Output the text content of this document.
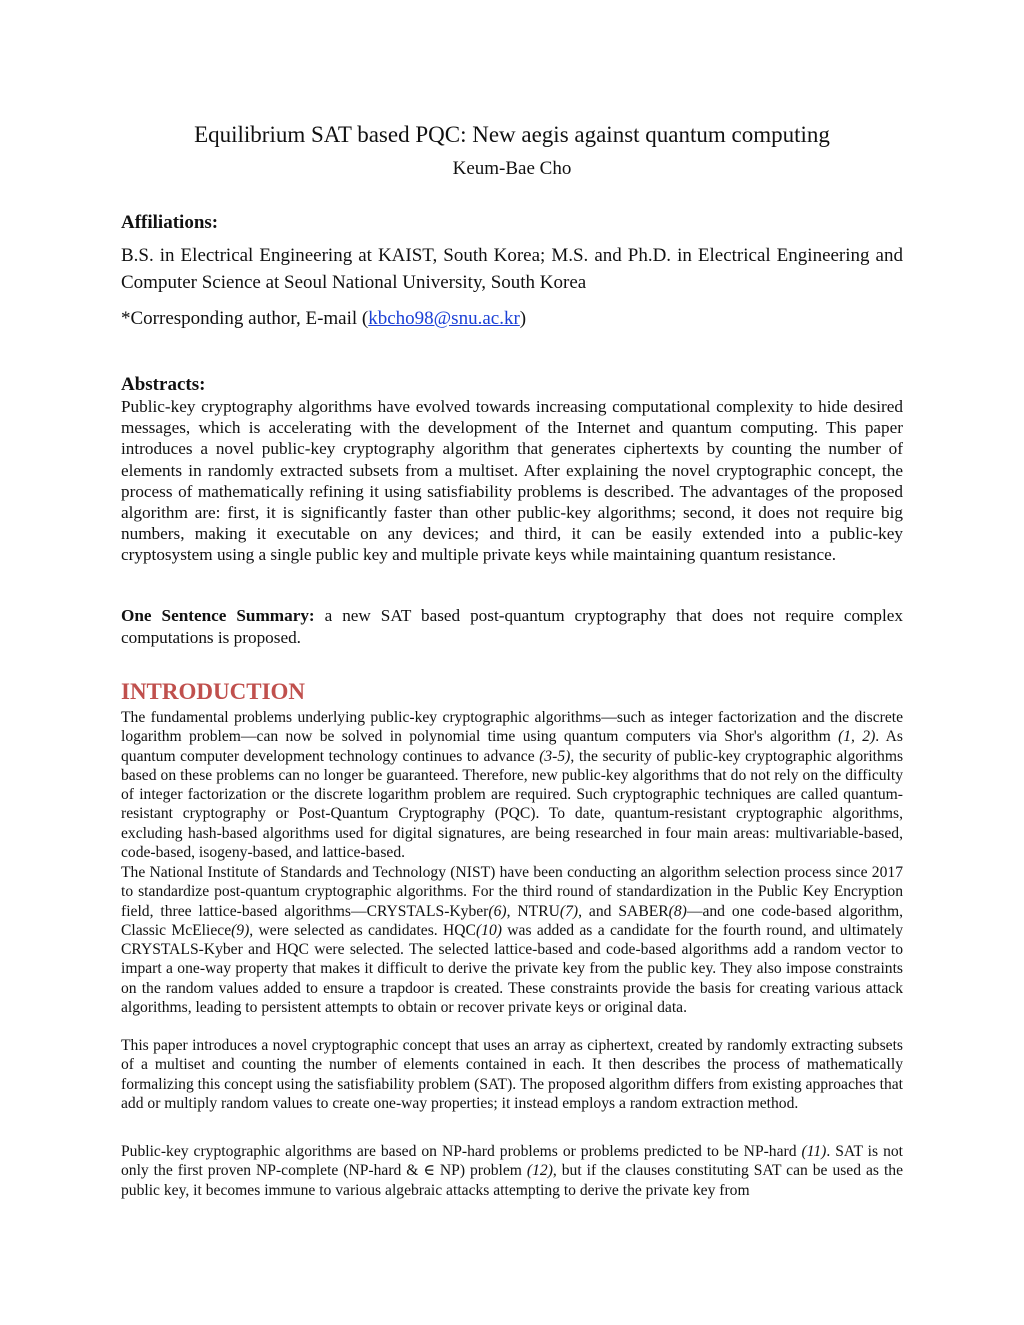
Equilibrium SAT based PQC: New aegis against quantum computing
Keum-Bae Cho
Affiliations:
B.S. in Electrical Engineering at KAIST, South Korea; M.S. and Ph.D. in Electrical Engineering and Computer Science at Seoul National University, South Korea
*Corresponding author, E-mail (kbcho98@snu.ac.kr)
Abstracts:
Public-key cryptography algorithms have evolved towards increasing computational complexity to hide desired messages, which is accelerating with the development of the Internet and quantum computing. This paper introduces a novel public-key cryptography algorithm that generates ciphertexts by counting the number of elements in randomly extracted subsets from a multiset. After explaining the novel cryptographic concept, the process of mathematically refining it using satisfiability problems is described. The advantages of the proposed algorithm are: first, it is significantly faster than other public-key algorithms; second, it does not require big numbers, making it executable on any devices; and third, it can be easily extended into a public-key cryptosystem using a single public key and multiple private keys while maintaining quantum resistance.
One Sentence Summary: a new SAT based post-quantum cryptography that does not require complex computations is proposed.
INTRODUCTION
The fundamental problems underlying public-key cryptographic algorithms—such as integer factorization and the discrete logarithm problem—can now be solved in polynomial time using quantum computers via Shor's algorithm (1, 2). As quantum computer development technology continues to advance (3-5), the security of public-key cryptographic algorithms based on these problems can no longer be guaranteed. Therefore, new public-key algorithms that do not rely on the difficulty of integer factorization or the discrete logarithm problem are required. Such cryptographic techniques are called quantum-resistant cryptography or Post-Quantum Cryptography (PQC). To date, quantum-resistant cryptographic algorithms, excluding hash-based algorithms used for digital signatures, are being researched in four main areas: multivariable-based, code-based, isogeny-based, and lattice-based.
The National Institute of Standards and Technology (NIST) have been conducting an algorithm selection process since 2017 to standardize post-quantum cryptographic algorithms. For the third round of standardization in the Public Key Encryption field, three lattice-based algorithms—CRYSTALS-Kyber(6), NTRU(7), and SABER(8)—and one code-based algorithm, Classic McEliece(9), were selected as candidates. HQC(10) was added as a candidate for the fourth round, and ultimately CRYSTALS-Kyber and HQC were selected. The selected lattice-based and code-based algorithms add a random vector to impart a one-way property that makes it difficult to derive the private key from the public key. They also impose constraints on the random values added to ensure a trapdoor is created. These constraints provide the basis for creating various attack algorithms, leading to persistent attempts to obtain or recover private keys or original data.
This paper introduces a novel cryptographic concept that uses an array as ciphertext, created by randomly extracting subsets of a multiset and counting the number of elements contained in each. It then describes the process of mathematically formalizing this concept using the satisfiability problem (SAT). The proposed algorithm differs from existing approaches that add or multiply random values to create one-way properties; it instead employs a random extraction method.
Public-key cryptographic algorithms are based on NP-hard problems or problems predicted to be NP-hard (11). SAT is not only the first proven NP-complete (NP-hard & ∈ NP) problem (12), but if the clauses constituting SAT can be used as the public key, it becomes immune to various algebraic attacks attempting to derive the private key from
